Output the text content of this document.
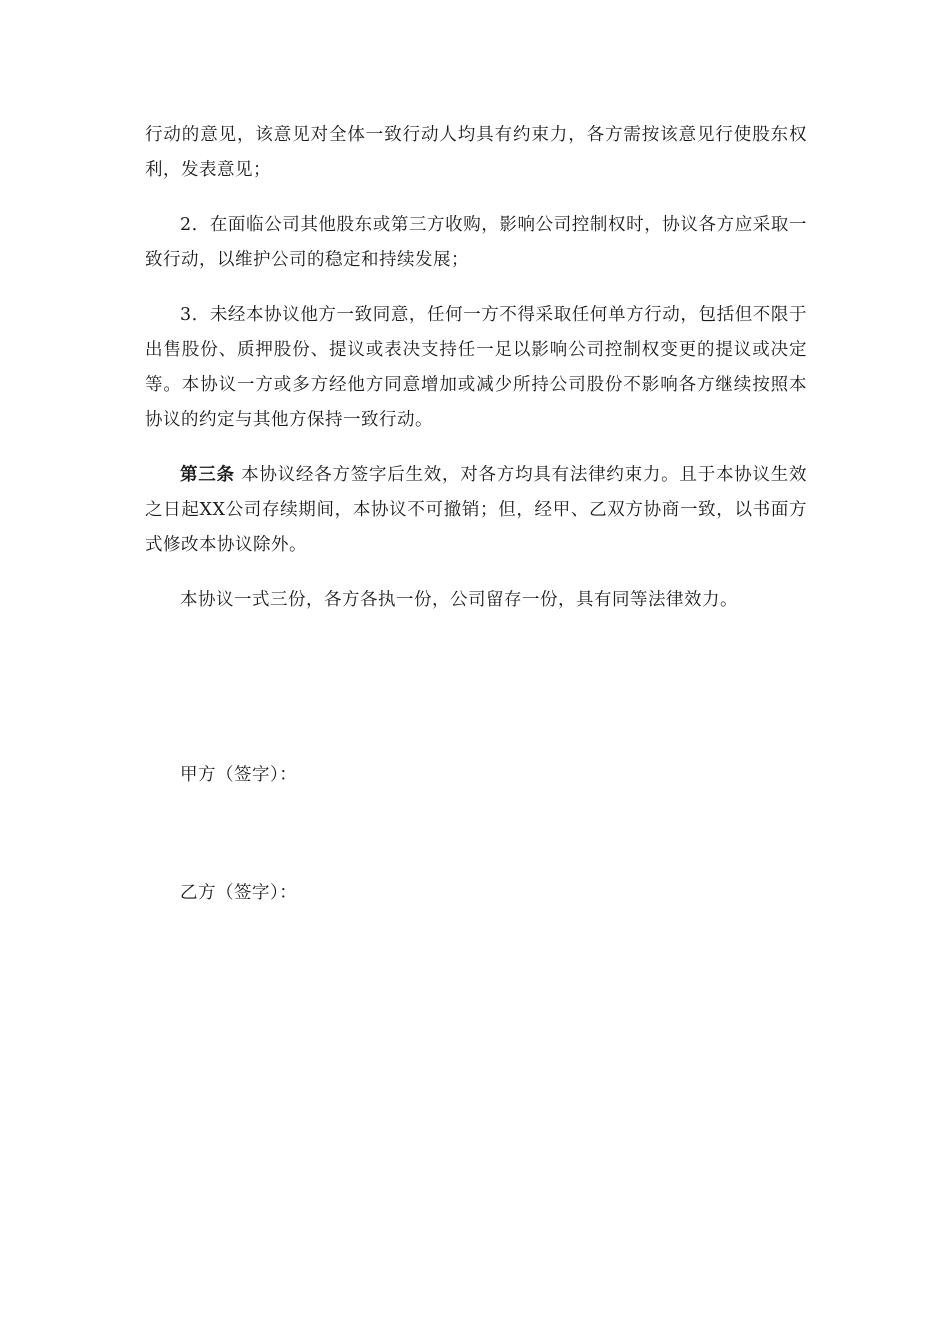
行动的意见，该意见对全体一致行动人均具有约束力，各方需按该意见行使股东权利，发表意见；

2．在面临公司其他股东或第三方收购，影响公司控制权时，协议各方应采取一致行动，以维护公司的稳定和持续发展；

3．未经本协议他方一致同意，任何一方不得采取任何单方行动，包括但不限于出售股份、质押股份、提议或表决支持任一足以影响公司控制权变更的提议或决定等。本协议一方或多方经他方同意增加或减少所持公司股份不影响各方继续按照本协议的约定与其他方保持一致行动。

第三条 本协议经各方签字后生效，对各方均具有法律约束力。且于本协议生效之日起XX公司存续期间，本协议不可撤销；但，经甲、乙双方协商一致，以书面方式修改本协议除外。

本协议一式三份，各方各执一份，公司留存一份，具有同等法律效力。

甲方（签字）：
乙方（签字）：
